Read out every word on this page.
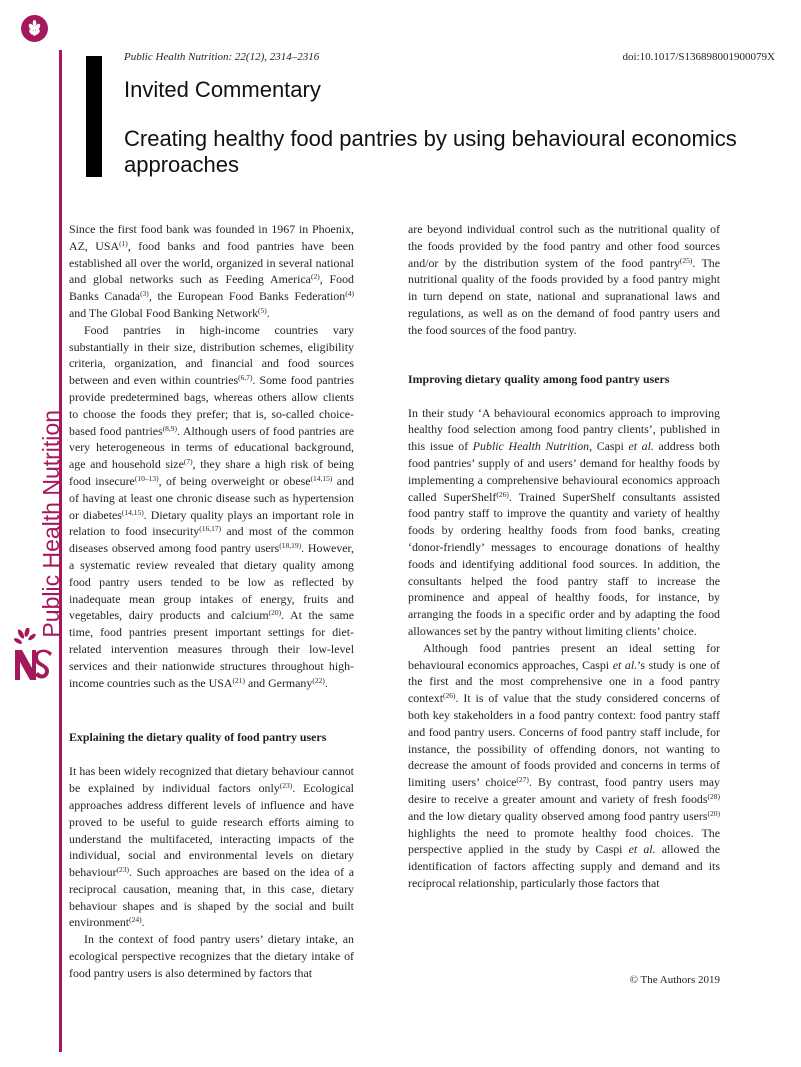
Public Health Nutrition
Public Health Nutrition: 22(12), 2314–2316	doi:10.1017/S136898001900079X
Invited Commentary
Creating healthy food pantries by using behavioural economics approaches

Since the first food bank was founded in 1967 in Phoenix, AZ, USA$^{(1)}$, food banks and food pantries have been established all over the world, organized in several national and global networks such as Feeding America$^{(2)}$, Food Banks Canada$^{(3)}$, the European Food Banks Federation$^{(4)}$ and The Global Food Banking Network$^{(5)}$.

Food pantries in high-income countries vary substantially in their size, distribution schemes, eligibility criteria, organization, and financial and food sources between and even within countries$^{(6,7)}$. Some food pantries provide predetermined bags, whereas others allow clients to choose the foods they prefer; that is, so-called choice-based food pantries$^{(8,9)}$. Although users of food pantries are very heterogeneous in terms of educational background, age and household size$^{(7)}$, they share a high risk of being food insecure$^{(10-13)}$, of being overweight or obese$^{(14,15)}$ and of having at least one chronic disease such as hypertension or diabetes$^{(14,15)}$. Dietary quality plays an important role in relation to food insecurity$^{(16,17)}$ and most of the common diseases observed among food pantry users$^{(18,19)}$. However, a systematic review revealed that dietary quality among food pantry users tended to be low as reflected by inadequate mean group intakes of energy, fruits and vegetables, dairy products and calcium$^{(20)}$. At the same time, food pantries present important settings for diet-related intervention measures through their low-level services and their nationwide structures throughout high-income countries such as the USA$^{(21)}$ and Germany$^{(22)}$.

Explaining the dietary quality of food pantry users

It has been widely recognized that dietary behaviour cannot be explained by individual factors only$^{(23)}$. Ecological approaches address different levels of influence and have proved to be useful to guide research efforts aiming to understand the multifaceted, interacting impacts of the individual, social and environmental levels on dietary behaviour$^{(23)}$. Such approaches are based on the idea of a reciprocal causation, meaning that, in this case, dietary behaviour shapes and is shaped by the social and built environment$^{(24)}$.

In the context of food pantry users’ dietary intake, an ecological perspective recognizes that the dietary intake of food pantry users is also determined by factors that

are beyond individual control such as the nutritional quality of the foods provided by the food pantry and other food sources and/or by the distribution system of the food pantry$^{(25)}$. The nutritional quality of the foods provided by a food pantry might in turn depend on state, national and supranational laws and regulations, as well as on the demand of food pantry users and the food sources of the food pantry.

Improving dietary quality among food pantry users

In their study ‘A behavioural economics approach to improving healthy food selection among food pantry clients’, published in this issue of Public Health Nutrition, Caspi et al. address both food pantries’ supply of and users’ demand for healthy foods by implementing a comprehensive behavioural economics approach called SuperShelf$^{(26)}$. Trained SuperShelf consultants assisted food pantry staff to improve the quantity and variety of healthy foods by ordering healthy foods from food banks, creating ‘donor-friendly’ messages to encourage donations of healthy foods and identifying additional food sources. In addition, the consultants helped the food pantry staff to increase the prominence and appeal of healthy foods, for instance, by arranging the foods in a specific order and by adapting the food allowances set by the pantry without limiting clients’ choice.

Although food pantries present an ideal setting for behavioural economics approaches, Caspi et al.’s study is one of the first and the most comprehensive one in a food pantry context$^{(26)}$. It is of value that the study considered concerns of both key stakeholders in a food pantry context: food pantry staff and food pantry users. Concerns of food pantry staff include, for instance, the possibility of offending donors, not wanting to decrease the amount of foods provided and concerns in terms of limiting users’ choice$^{(27)}$. By contrast, food pantry users may desire to receive a greater amount and variety of fresh foods$^{(28)}$ and the low dietary quality observed among food pantry users$^{(20)}$ highlights the need to promote healthy food choices. The perspective applied in the study by Caspi et al. allowed the identification of factors affecting supply and demand and its reciprocal relationship, particularly those factors that

© The Authors 2019
